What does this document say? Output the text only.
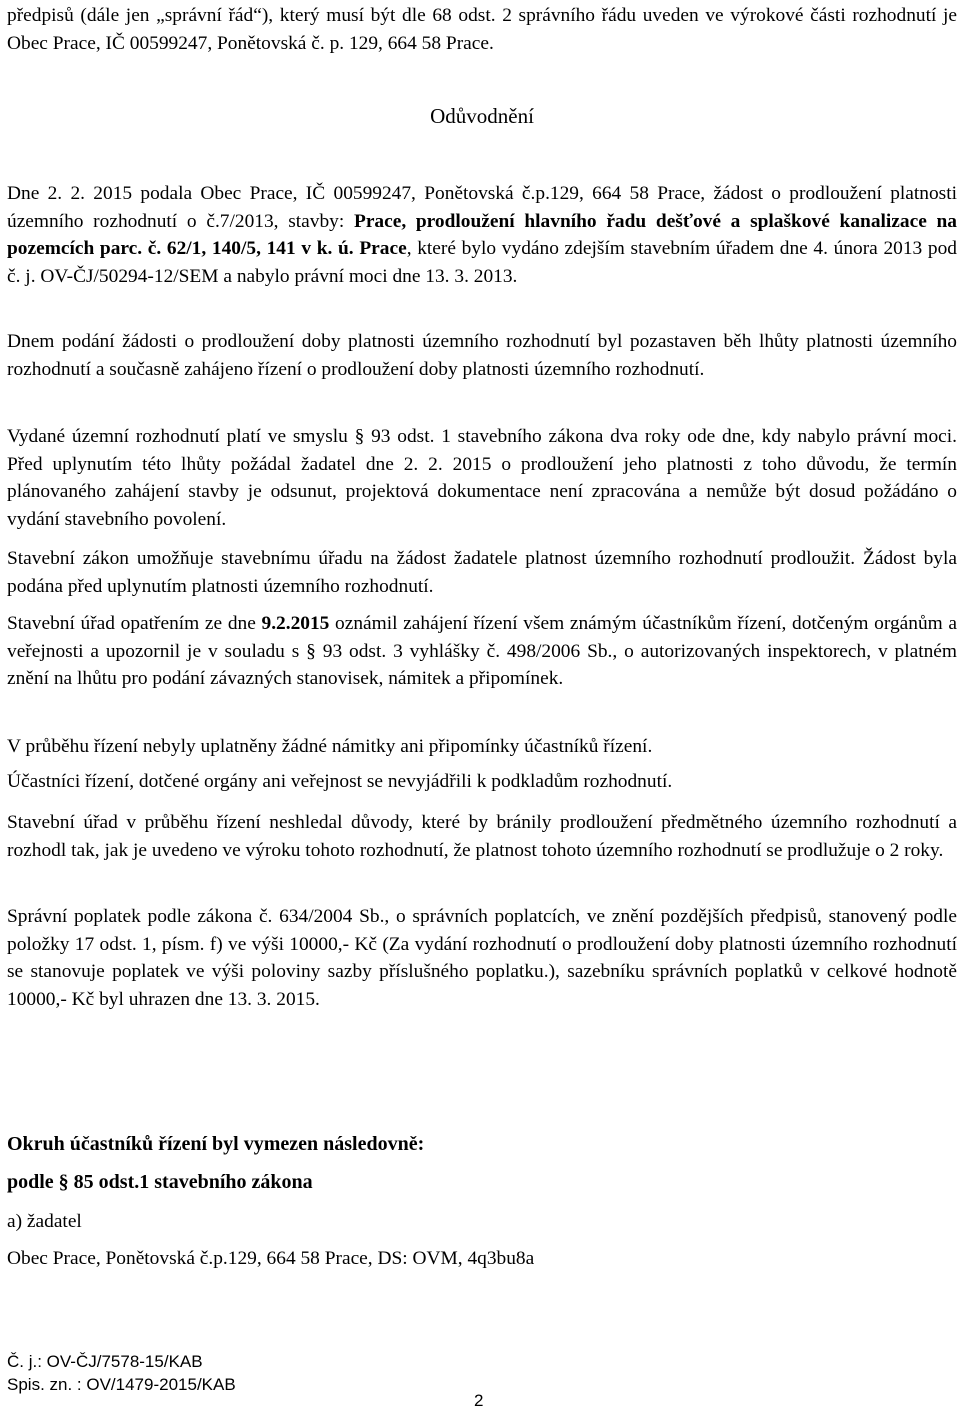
předpisů (dále jen „správní řád“), který musí být dle 68 odst. 2 správního řádu uveden ve výrokové části rozhodnutí je Obec Prace, IČ 00599247, Ponětovská č. p. 129, 664 58 Prace.

Odůvodnění

Dne 2. 2. 2015 podala Obec Prace, IČ 00599247, Ponětovská č.p.129, 664 58 Prace, žádost o prodloužení platnosti územního rozhodnutí o č.7/2013, stavby: Prace, prodloužení hlavního řadu dešťové a splaškové kanalizace na pozemcích parc. č. 62/1, 140/5, 141 v k. ú. Prace, které bylo vydáno zdejším stavebním úřadem dne 4. února 2013 pod č. j. OV-ČJ/50294-12/SEM a nabylo právní moci dne 13. 3. 2013.

Dnem podání žádosti o prodloužení doby platnosti územního rozhodnutí byl pozastaven běh lhůty platnosti územního rozhodnutí a současně zahájeno řízení o prodloužení doby platnosti územního rozhodnutí.

Vydané územní rozhodnutí platí ve smyslu § 93 odst. 1 stavebního zákona dva roky ode dne, kdy nabylo právní moci. Před uplynutím této lhůty požádal žadatel dne 2. 2. 2015 o prodloužení jeho platnosti z toho důvodu, že termín plánovaného zahájení stavby je odsunut, projektová dokumentace není zpracována a nemůže být dosud požádáno o vydání stavebního povolení.

Stavební zákon umožňuje stavebnímu úřadu na žádost žadatele platnost územního rozhodnutí prodloužit. Žádost byla podána před uplynutím platnosti územního rozhodnutí.

Stavební úřad opatřením ze dne 9.2.2015 oznámil zahájení řízení všem známým účastníkům řízení, dotčeným orgánům a veřejnosti a upozornil je v souladu s § 93 odst. 3 vyhlášky č. 498/2006 Sb., o autorizovaných inspektorech, v platném znění na lhůtu pro podání závazných stanovisek, námitek a připomínek.

V průběhu řízení nebyly uplatněny žádné námitky ani připomínky účastníků řízení.

Účastníci řízení, dotčené orgány ani veřejnost se nevyjádřili k podkladům rozhodnutí.

Stavební úřad v průběhu řízení neshledal důvody, které by bránily prodloužení předmětného územního rozhodnutí a rozhodl tak, jak je uvedeno ve výroku tohoto rozhodnutí, že platnost tohoto územního rozhodnutí se prodlužuje o 2 roky.

Správní poplatek podle zákona č. 634/2004 Sb., o správních poplatcích, ve znění pozdějších předpisů, stanovený podle položky 17 odst. 1, písm. f) ve výši 10000,- Kč (Za vydání rozhodnutí o prodloužení doby platnosti územního rozhodnutí se stanovuje poplatek ve výši poloviny sazby příslušného poplatku.), sazebníku správních poplatků v celkové hodnotě 10000,- Kč byl uhrazen dne 13. 3. 2015.

Okruh účastníků řízení byl vymezen následovně:
podle § 85 odst.1 stavebního zákona
a) žadatel
Obec Prace, Ponětovská č.p.129, 664 58 Prace, DS: OVM, 4q3bu8a
Č. j.: OV-ČJ/7578-15/KAB
Spis. zn. : OV/1479-2015/KAB
2
